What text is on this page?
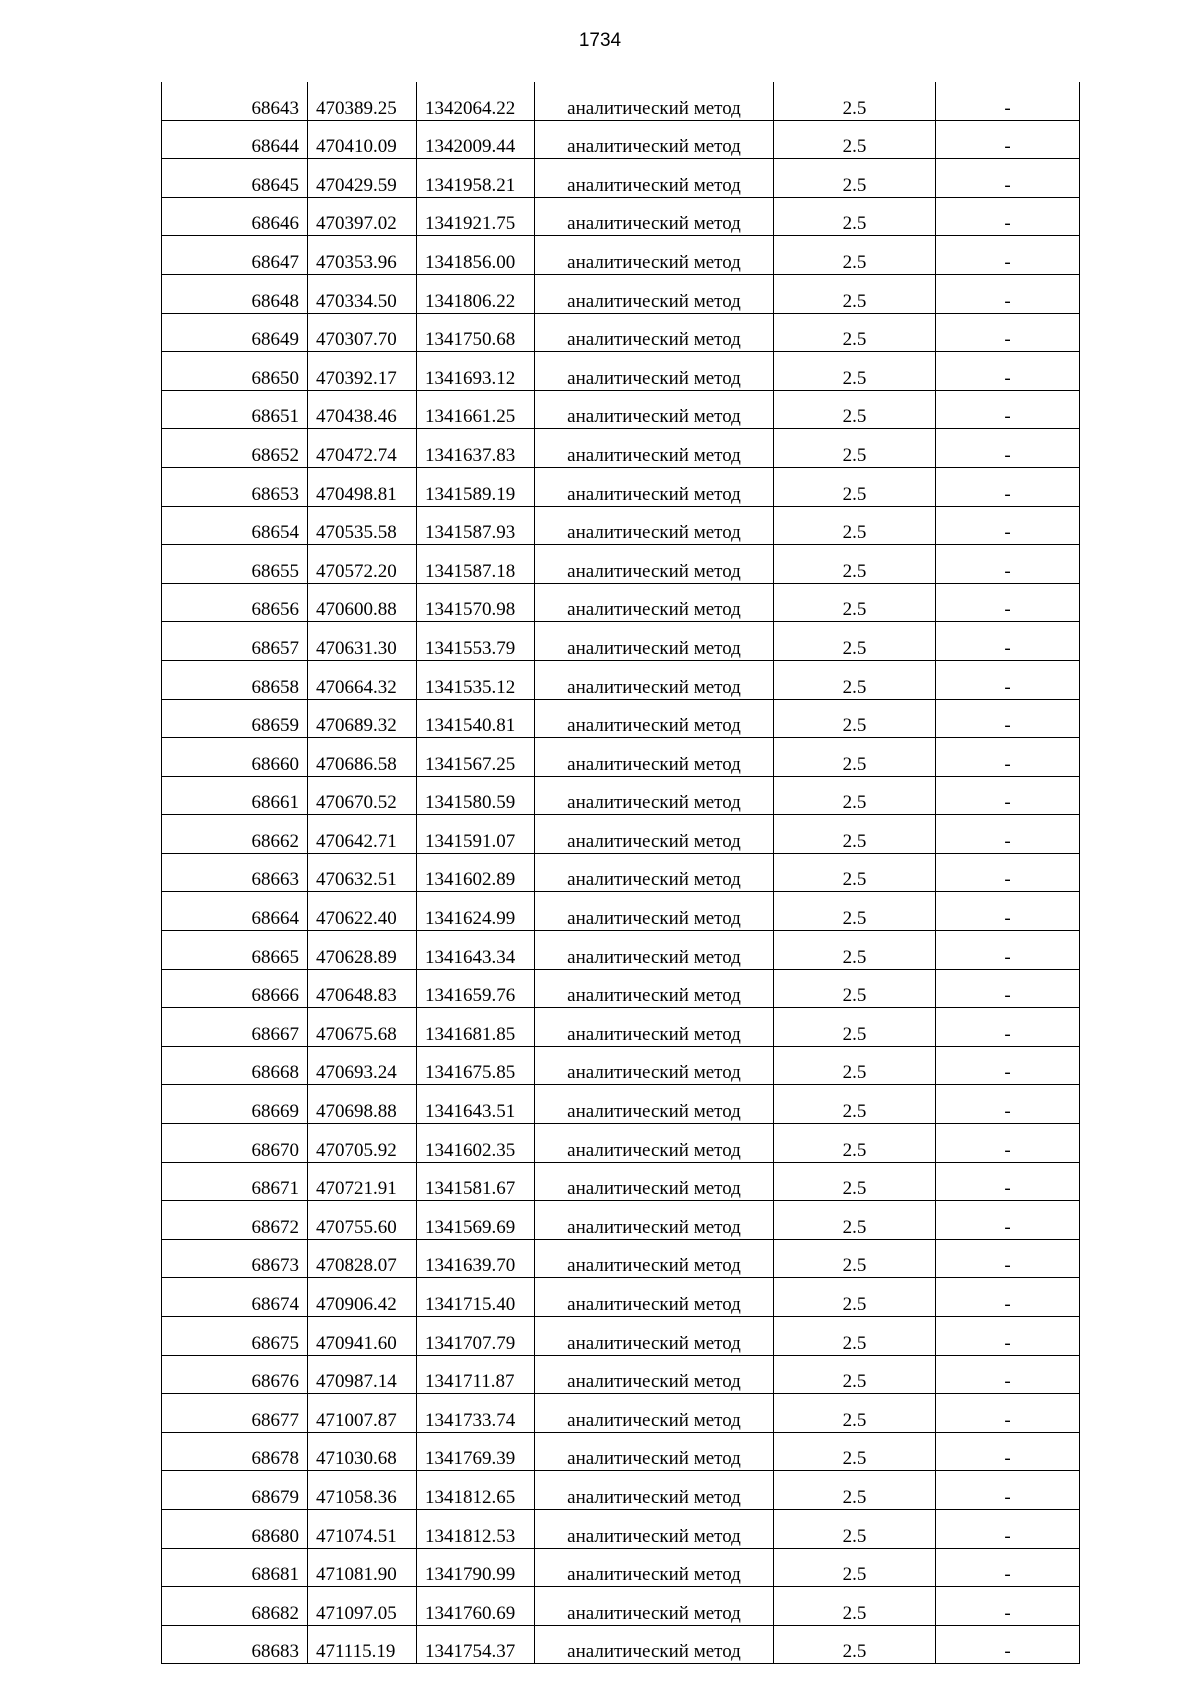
1734
68643	470389.25	1342064.22	аналитический метод	2.5	-
68644	470410.09	1342009.44	аналитический метод	2.5	-
68645	470429.59	1341958.21	аналитический метод	2.5	-
68646	470397.02	1341921.75	аналитический метод	2.5	-
68647	470353.96	1341856.00	аналитический метод	2.5	-
68648	470334.50	1341806.22	аналитический метод	2.5	-
68649	470307.70	1341750.68	аналитический метод	2.5	-
68650	470392.17	1341693.12	аналитический метод	2.5	-
68651	470438.46	1341661.25	аналитический метод	2.5	-
68652	470472.74	1341637.83	аналитический метод	2.5	-
68653	470498.81	1341589.19	аналитический метод	2.5	-
68654	470535.58	1341587.93	аналитический метод	2.5	-
68655	470572.20	1341587.18	аналитический метод	2.5	-
68656	470600.88	1341570.98	аналитический метод	2.5	-
68657	470631.30	1341553.79	аналитический метод	2.5	-
68658	470664.32	1341535.12	аналитический метод	2.5	-
68659	470689.32	1341540.81	аналитический метод	2.5	-
68660	470686.58	1341567.25	аналитический метод	2.5	-
68661	470670.52	1341580.59	аналитический метод	2.5	-
68662	470642.71	1341591.07	аналитический метод	2.5	-
68663	470632.51	1341602.89	аналитический метод	2.5	-
68664	470622.40	1341624.99	аналитический метод	2.5	-
68665	470628.89	1341643.34	аналитический метод	2.5	-
68666	470648.83	1341659.76	аналитический метод	2.5	-
68667	470675.68	1341681.85	аналитический метод	2.5	-
68668	470693.24	1341675.85	аналитический метод	2.5	-
68669	470698.88	1341643.51	аналитический метод	2.5	-
68670	470705.92	1341602.35	аналитический метод	2.5	-
68671	470721.91	1341581.67	аналитический метод	2.5	-
68672	470755.60	1341569.69	аналитический метод	2.5	-
68673	470828.07	1341639.70	аналитический метод	2.5	-
68674	470906.42	1341715.40	аналитический метод	2.5	-
68675	470941.60	1341707.79	аналитический метод	2.5	-
68676	470987.14	1341711.87	аналитический метод	2.5	-
68677	471007.87	1341733.74	аналитический метод	2.5	-
68678	471030.68	1341769.39	аналитический метод	2.5	-
68679	471058.36	1341812.65	аналитический метод	2.5	-
68680	471074.51	1341812.53	аналитический метод	2.5	-
68681	471081.90	1341790.99	аналитический метод	2.5	-
68682	471097.05	1341760.69	аналитический метод	2.5	-
68683	471115.19	1341754.37	аналитический метод	2.5	-
